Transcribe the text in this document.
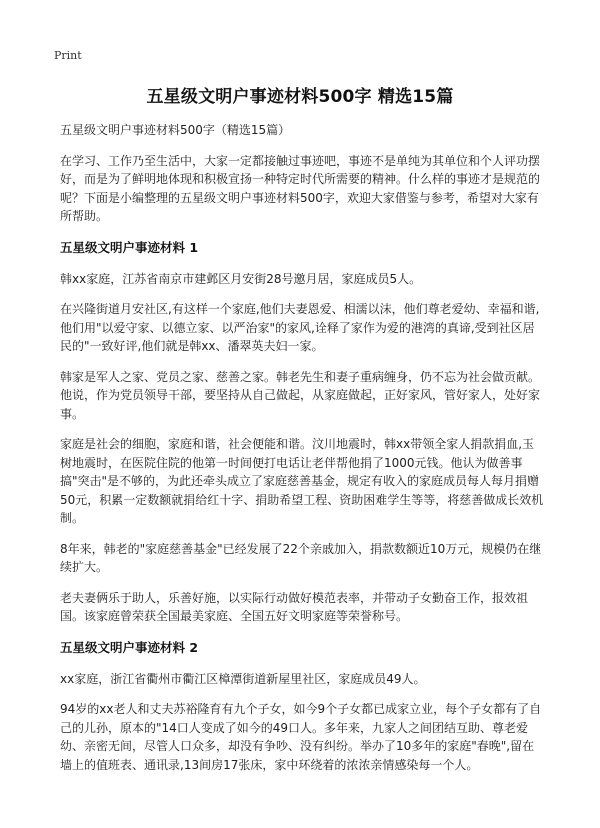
Print
五星级文明户事迹材料500字 精选15篇

五星级文明户事迹材料500字（精选15篇）

在学习、工作乃至生活中，大家一定都接触过事迹吧，事迹不是单纯为其单位和个人评功摆好，而是为了鲜明地体现和积极宣扬一种特定时代所需要的精神。什么样的事迹才是规范的呢？下面是小编整理的五星级文明户事迹材料500字，欢迎大家借鉴与参考，希望对大家有所帮助。

五星级文明户事迹材料 1

韩xx家庭，江苏省南京市建邺区月安街28号邀月居，家庭成员5人。

在兴隆街道月安社区,有这样一个家庭,他们夫妻恩爱、相濡以沫，他们尊老爱幼、幸福和谐,他们用"以爱守家、以德立家、以严治家"的家风,诠释了家作为爱的港湾的真谛,受到社区居民的"一致好评,他们就是韩xx、潘翠英夫妇一家。

韩家是军人之家、党员之家、慈善之家。韩老先生和妻子重病缠身，仍不忘为社会做贡献。他说，作为党员领导干部，要坚持从自己做起，从家庭做起，正好家风，管好家人，处好家事。

家庭是社会的细胞，家庭和谐，社会便能和谐。汶川地震时，韩xx带领全家人捐款捐血,玉树地震时，在医院住院的他第一时间便打电话让老伴帮他捐了1000元钱。他认为做善事搞"突击"是不够的，为此还牵头成立了家庭慈善基金，规定有收入的家庭成员每人每月捐赠50元，积累一定数额就捐给红十字、捐助希望工程、资助困难学生等等，将慈善做成长效机制。

8年来，韩老的"家庭慈善基金"已经发展了22个亲戚加入，捐款数额近10万元，规模仍在继续扩大。

老夫妻俩乐于助人，乐善好施，以实际行动做好模范表率，并带动子女勤奋工作，报效祖国。该家庭曾荣获全国最美家庭、全国五好文明家庭等荣誉称号。

五星级文明户事迹材料 2

xx家庭，浙江省衢州市衢江区樟潭街道新屋里社区，家庭成员49人。

94岁的xx老人和丈夫苏裕隆育有九个子女，如今9个子女都已成家立业，每个子女都有了自己的儿孙，原本的"14口人变成了如今的49口人。多年来，九家人之间团结互助、尊老爱幼、亲密无间，尽管人口众多，却没有争吵、没有纠纷。举办了10多年的家庭"春晚",留在墙上的值班表、通讯录,13间房17张床，家中环绕着的浓浓亲情感染每一个人。
